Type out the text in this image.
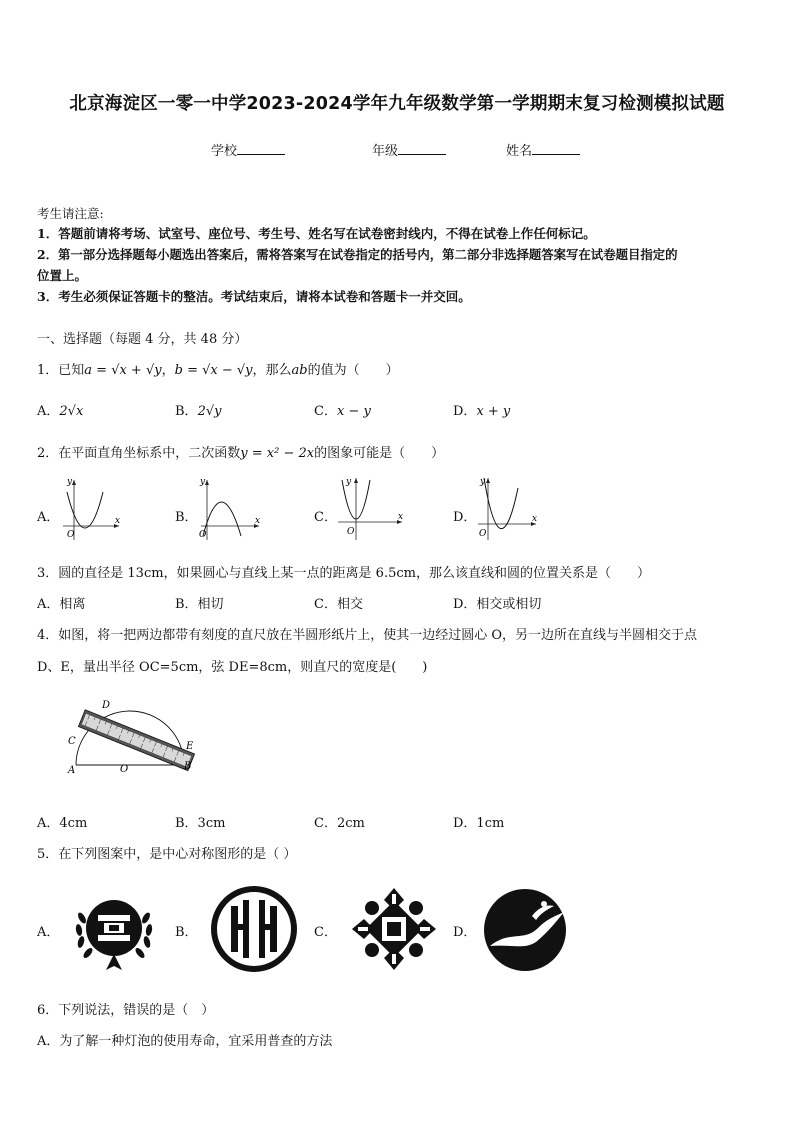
北京海淀区一零一中学2023-2024学年九年级数学第一学期期末复习检测模拟试题
学校	年级	姓名
考生请注意:
1．答题前请将考场、试室号、座位号、考生号、姓名写在试卷密封线内，不得在试卷上作任何标记。
2．第一部分选择题每小题选出答案后，需将答案写在试卷指定的括号内，第二部分非选择题答案写在试卷题目指定的
位置上。
3．考生必须保证答题卡的整洁。考试结束后，请将本试卷和答题卡一并交回。
一、选择题（每题 4 分，共 48 分）
1．已知a = √x + √y，b = √x − √y，那么ab的值为（　　）
A．2√x	B．2√y	C．x − y	D．x + y
2．在平面直角坐标系中，二次函数y = x² − 2x的图象可能是（　　）
A．
y
x
O
B．
y
x
O
C．
y
x
O
D．
y
x
O
3．圆的直径是 13cm，如果圆心与直线上某一点的距离是 6.5cm，那么该直线和圆的位置关系是（　　）
A．相离	B．相切	C．相交	D．相交或相切
4．如图，将一把两边都带有刻度的直尺放在半圆形纸片上，使其一边经过圆心 O，另一边所在直线与半圆相交于点
D、E，量出半径 OC=5cm，弦 DE=8cm，则直尺的宽度是(　　)
D
C
A	O
E
B
A．4cm	B．3cm	C．2cm	D．1cm
5．在下列图案中，是中心对称图形的是（ ）
A．	B．	C．	D．
6．下列说法，错误的是（　）
A．为了解一种灯泡的使用寿命，宜采用普查的方法
